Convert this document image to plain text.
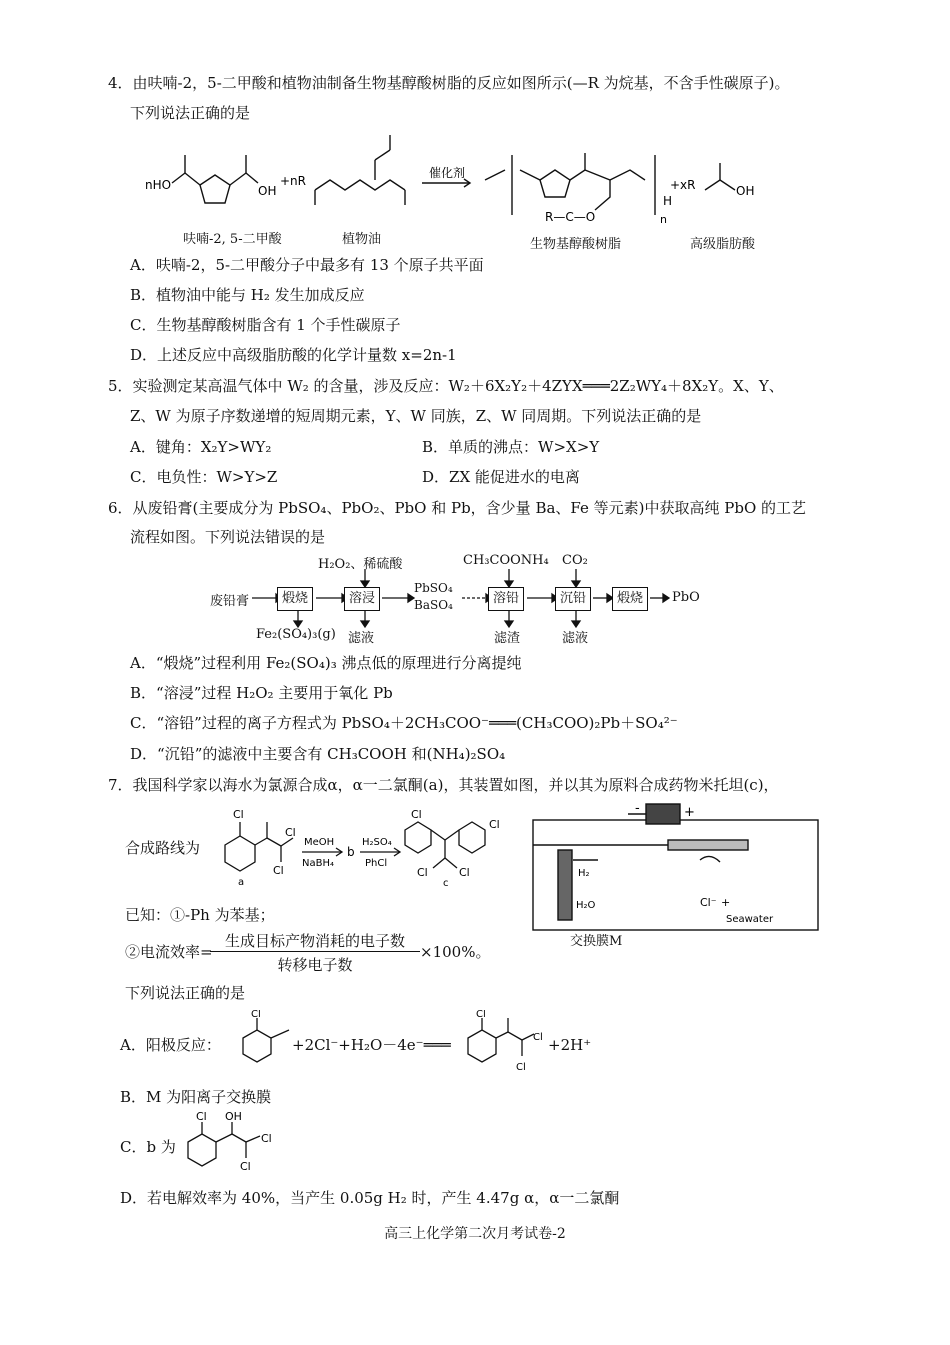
4．由呋喃-2，5-二甲酸和植物油制备生物基醇酸树脂的反应如图所示(—R 为烷基，不含手性碳原子)。
下列说法正确的是
nHO	OH
+nR
催化剂
H
n
R—C—O
+xR	OH
呋喃-2, 5-二甲酸	植物油	生物基醇酸树脂	高级脂肪酸
A．呋喃-2，5-二甲酸分子中最多有 13 个原子共平面
B．植物油中能与 H₂ 发生加成反应
C．生物基醇酸树脂含有 1 个手性碳原子
D．上述反应中高级脂肪酸的化学计量数 x=2n-1
5．实验测定某高温气体中 W₂ 的含量，涉及反应：W₂＋6X₂Y₂＋4ZYX═══2Z₂WY₄＋8X₂Y。X、Y、
Z、W 为原子序数递增的短周期元素，Y、W 同族，Z、W 同周期。下列说法正确的是
A．键角：X₂Y>WY₂	B．单质的沸点：W>X>Y
C．电负性：W>Y>Z	D．ZX 能促进水的电离
6．从废铅膏(主要成分为 PbSO₄、PbO₂、PbO 和 Pb，含少量 Ba、Fe 等元素)中获取高纯 PbO 的工艺
流程如图。下列说法错误的是
废铅膏	煅烧	溶浸
PbSO₄
BaSO₄	溶铅	沉铅	煅烧	PbO
H₂O₂、稀硫酸	CH₃COONH₄ CO₂
Fe₂(SO₄)₃(g) 滤液	滤渣	滤液
A．“煅烧”过程利用 Fe₂(SO₄)₃ 沸点低的原理进行分离提纯
B．“溶浸”过程 H₂O₂ 主要用于氧化 Pb
C．“溶铅”过程的离子方程式为 PbSO₄＋2CH₃COO⁻═══(CH₃COO)₂Pb＋SO₄²⁻
D．“沉铅”的滤液中主要含有 CH₃COOH 和(NH₄)₂SO₄
7．我国科学家以海水为氯源合成α，α一二氯酮(a)，其装置如图，并以其为原料合成药物米托坦(c)，
合成路线为
Cl
Cl
Cl
a
MeOH
NaBH₄
b
H₂SO₄
PhCl
Cl
Cl
Cl	Cl
c
-	+
H₂
H₂O	Cl⁻ +
Seawater
交换膜M
已知：①-Ph 为苯基；
②电流效率=
生成目标产物消耗的电子数
转移电子数
×100%。
下列说法正确的是
A．阳极反应：
Cl
+2Cl⁻+H₂O－4e⁻═══
Cl
Cl
Cl
+2H⁺
B．M 为阳离子交换膜
C．b 为
Cl OH
Cl
Cl
D．若电解效率为 40%，当产生 0.05g H₂ 时，产生 4.47g α，α一二氯酮
高三上化学第二次月考试卷-2
